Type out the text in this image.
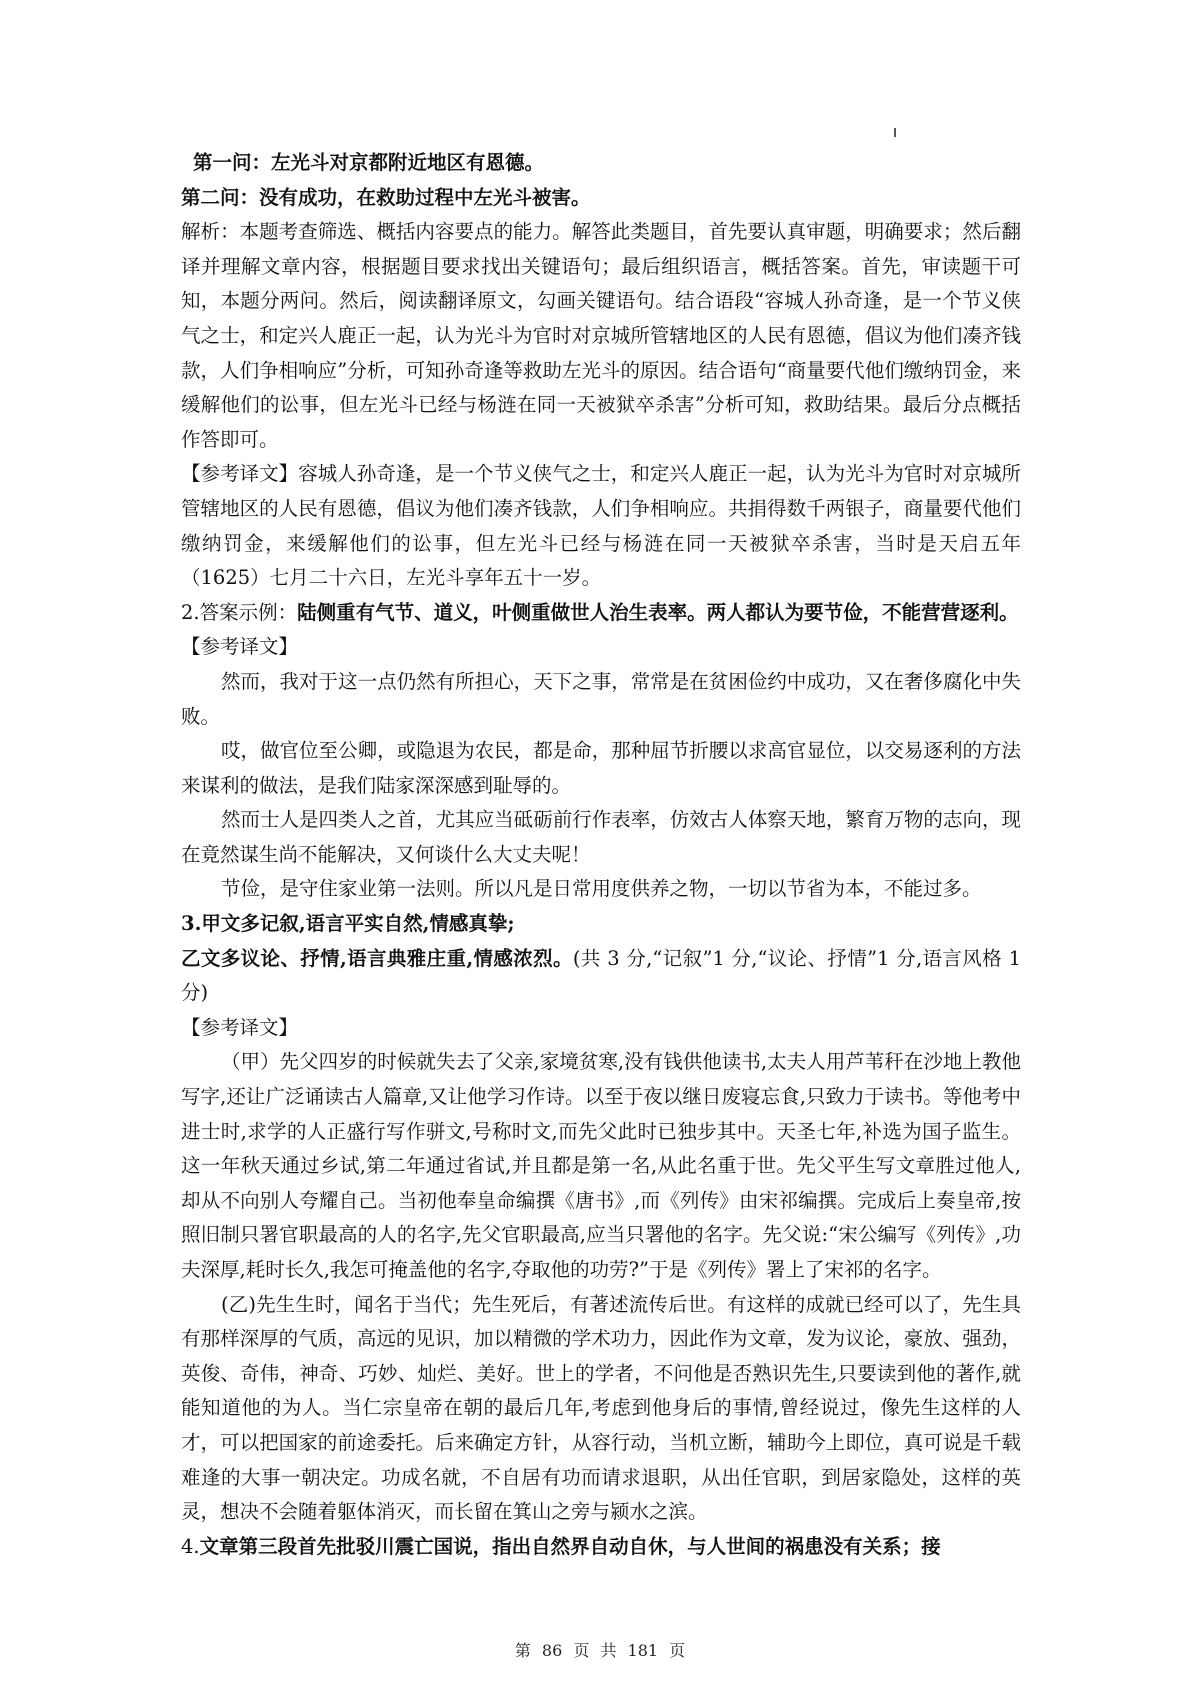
第一问：左光斗对京都附近地区有恩德。

第二问：没有成功，在救助过程中左光斗被害。

解析：本题考查筛选、概括内容要点的能力。解答此类题目，首先要认真审题，明确要求；然后翻译并理解文章内容，根据题目要求找出关键语句；最后组织语言，概括答案。首先，审读题干可知，本题分两问。然后，阅读翻译原文，勾画关键语句。结合语段“容城人孙奇逢，是一个节义侠气之士，和定兴人鹿正一起，认为光斗为官时对京城所管辖地区的人民有恩德，倡议为他们凑齐钱款，人们争相响应”分析，可知孙奇逢等救助左光斗的原因。结合语句“商量要代他们缴纳罚金，来缓解他们的讼事，但左光斗已经与杨涟在同一天被狱卒杀害”分析可知，救助结果。最后分点概括作答即可。

【参考译文】容城人孙奇逢，是一个节义侠气之士，和定兴人鹿正一起，认为光斗为官时对京城所管辖地区的人民有恩德，倡议为他们凑齐钱款，人们争相响应。共捐得数千两银子，商量要代他们缴纳罚金，来缓解他们的讼事，但左光斗已经与杨涟在同一天被狱卒杀害，当时是天启五年（1625）七月二十六日，左光斗享年五十一岁。

2.答案示例：陆侧重有气节、道义，叶侧重做世人治生表率。两人都认为要节俭，不能营营逐利。

【参考译文】

然而，我对于这一点仍然有所担心，天下之事，常常是在贫困俭约中成功，又在奢侈腐化中失败。

哎，做官位至公卿，或隐退为农民，都是命，那种屈节折腰以求高官显位，以交易逐利的方法来谋利的做法，是我们陆家深深感到耻辱的。

然而士人是四类人之首，尤其应当砥砺前行作表率，仿效古人体察天地，繁育万物的志向，现在竟然谋生尚不能解决，又何谈什么大丈夫呢！

节俭，是守住家业第一法则。所以凡是日常用度供养之物，一切以节省为本，不能过多。

3.甲文多记叙,语言平实自然,情感真挚;

乙文多议论、抒情,语言典雅庄重,情感浓烈。(共 3 分,“记叙”1 分,“议论、抒情”1 分,语言风格 1 分)

【参考译文】

（甲）先父四岁的时候就失去了父亲,家境贫寒,没有钱供他读书,太夫人用芦苇秆在沙地上教他写字,还让广泛诵读古人篇章,又让他学习作诗。以至于夜以继日废寝忘食,只致力于读书。等他考中进士时,求学的人正盛行写作骈文,号称时文,而先父此时已独步其中。天圣七年,补选为国子监生。这一年秋天通过乡试,第二年通过省试,并且都是第一名,从此名重于世。先父平生写文章胜过他人,却从不向别人夸耀自己。当初他奉皇命编撰《唐书》,而《列传》由宋祁编撰。完成后上奏皇帝,按照旧制只署官职最高的人的名字,先父官职最高,应当只署他的名字。先父说:“宋公编写《列传》,功夫深厚,耗时长久,我怎可掩盖他的名字,夺取他的功劳?”于是《列传》署上了宋祁的名字。

(乙)先生生时，闻名于当代；先生死后，有著述流传后世。有这样的成就已经可以了，先生具有那样深厚的气质，高远的见识，加以精微的学术功力，因此作为文章，发为议论，豪放、强劲，英俊、奇伟，神奇、巧妙、灿烂、美好。世上的学者，不问他是否熟识先生,只要读到他的著作,就能知道他的为人。当仁宗皇帝在朝的最后几年,考虑到他身后的事情,曾经说过，像先生这样的人才，可以把国家的前途委托。后来确定方针，从容行动，当机立断，辅助今上即位，真可说是千载难逢的大事一朝决定。功成名就，不自居有功而请求退职，从出任官职，到居家隐处，这样的英灵，想决不会随着躯体消灭，而长留在箕山之旁与颍水之滨。

4.文章第三段首先批驳川震亡国说，指出自然界自动自休，与人世间的祸患没有关系；接

第 86 页 共 181 页
